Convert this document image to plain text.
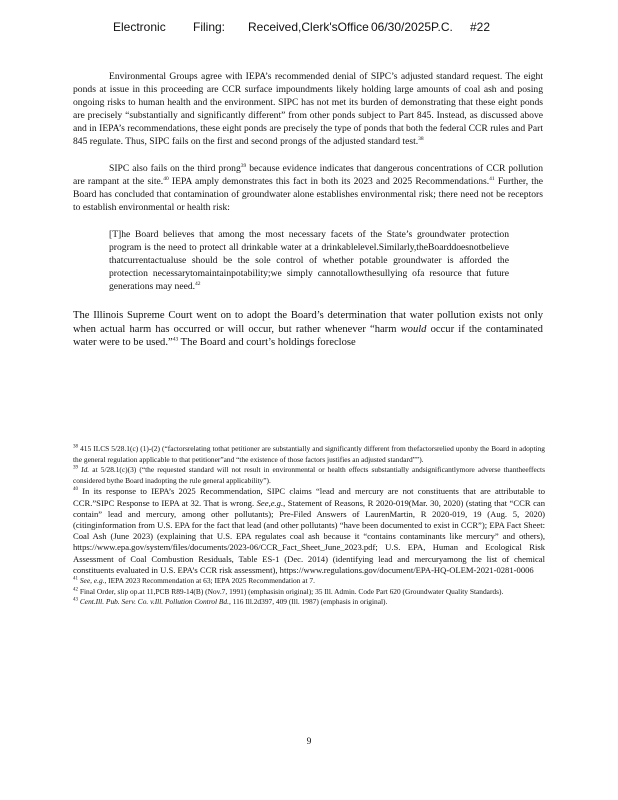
Electronic Filing: Received,Clerk'sOffice 06/30/2025P.C. #22

Environmental Groups agree with IEPA’s recommended denial of SIPC’s adjusted standard request. The eight ponds at issue in this proceeding are CCR surface impoundments likely holding large amounts of coal ash and posing ongoing risks to human health and the environment. SIPC has not met its burden of demonstrating that these eight ponds are precisely “substantially and significantly different” from other ponds subject to Part 845. Instead, as discussed above and in IEPA’s recommendations, these eight ponds are precisely the type of ponds that both the federal CCR rules and Part 845 regulate. Thus, SIPC fails on the first and second prongs of the adjusted standard test.$^{38}$

SIPC also fails on the third prong$^{39}$ because evidence indicates that dangerous concentrations of CCR pollution are rampant at the site.$^{40}$ IEPA amply demonstrates this fact in both its 2023 and 2025 Recommendations.$^{41}$ Further, the Board has concluded that contamination of groundwater alone establishes environmental risk; there need not be receptors to establish environmental or health risk:

[T]he Board believes that among the most necessary facets of the State’s groundwater protection program is the need to protect all drinkable water at a drinkablelevel.Similarly,theBoarddoesnotbelieve thatcurrentactualuse should be the sole control of whether potable groundwater is afforded the protection necessarytomaintainpotability;we simply cannotallowthesullying ofa resource that future generations may need.$^{42}$

The Illinois Supreme Court went on to adopt the Board’s determination that water pollution exists not only when actual harm has occurred or will occur, but rather whenever “harm would occur if the contaminated water were to be used.”$^{43}$ The Board and court’s holdings foreclose

$^{38}$ 415 ILCS 5/28.1(c) (1)-(2) (“factorsrelating tothat petitioner are substantially and significantly different from thefactorsrelied uponby the Board in adopting the general regulation applicable to that petitioner”and “the existence of those factors justifies an adjusted standard””).

$^{39}$ Id. at 5/28.1(c)(3) (“the requested standard will not result in environmental or health effects substantially andsignificantlymore adverse thantheeffects considered bythe Board inadopting the rule general applicability”).

$^{40}$ In its response to IEPA’s 2025 Recommendation, SIPC claims “lead and mercury are not constituents that are attributable to CCR.”SIPC Response to IEPA at 32. That is wrong. See,e.g., Statement of Reasons, R 2020-019(Mar. 30, 2020) (stating that “CCR can contain” lead and mercury, among other pollutants); Pre-Filed Answers of LaurenMartin, R 2020-019, 19 (Aug. 5, 2020) (citinginformation from U.S. EPA for the fact that lead (and other pollutants) “have been documented to exist in CCR”); EPA Fact Sheet: Coal Ash (June 2023) (explaining that U.S. EPA regulates coal ash because it “contains contaminants like mercury” and others), https://www.epa.gov/system/files/documents/2023-06/CCR_Fact_Sheet_June_2023.pdf; U.S. EPA, Human and Ecological Risk Assessment of Coal Combustion Residuals, Table ES-1 (Dec. 2014) (identifying lead and mercuryamong the list of chemical constituents evaluated in U.S. EPA’s CCR risk assessment), https://www.regulations.gov/document/EPA-HQ-OLEM-2021-0281-0006

$^{41}$ See, e.g., IEPA 2023 Recommendation at 63; IEPA 2025 Recommendation at 7.

$^{42}$ Final Order, slip op.at 11,PCB R89-14(B) (Nov.7, 1991) (emphasisin original); 35 Ill. Admin. Code Part 620 (Groundwater Quality Standards).

$^{43}$ Cent.Ill. Pub. Serv. Co. v.Ill. Pollution Control Bd., 116 Ill.2d397, 409 (Ill. 1987) (emphasis in original).

9
